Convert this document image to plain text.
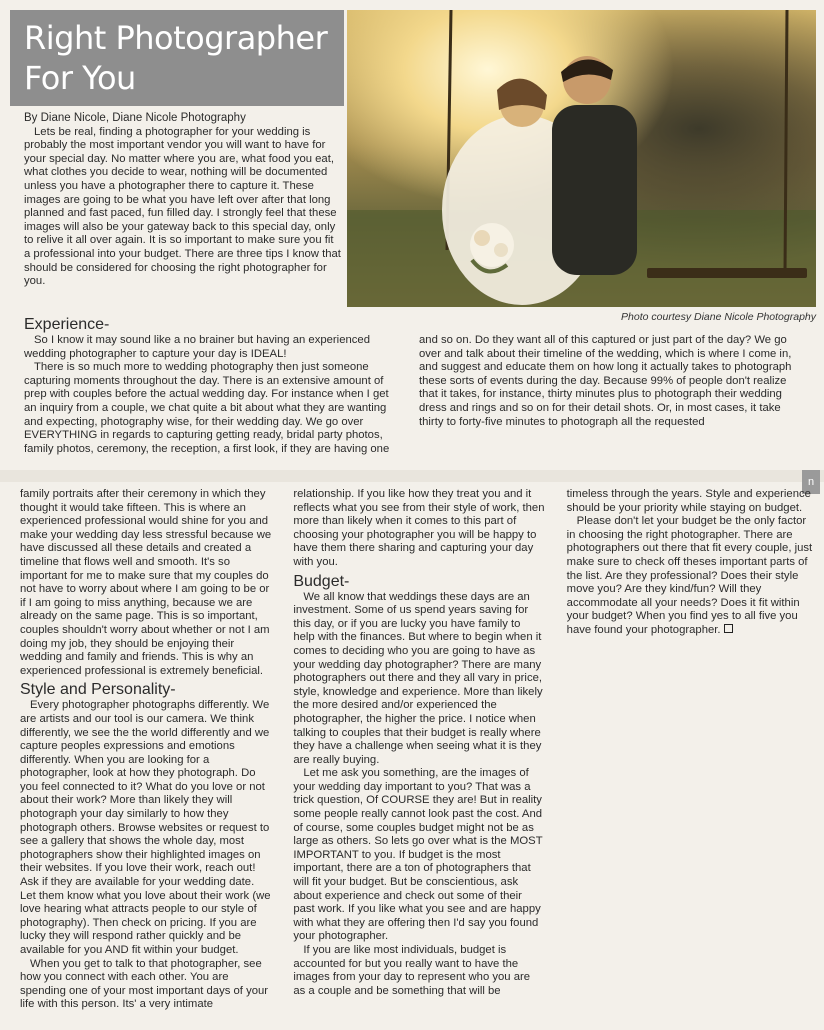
Right Photographer For You
Photo courtesy Diane Nicole Photography

By Diane Nicole, Diane Nicole Photography

Lets be real, finding a photographer for your wedding is probably the most important vendor you will want to have for your special day. No matter where you are, what food you eat, what clothes you decide to wear, nothing will be documented unless you have a photographer there to capture it. These images are going to be what you have left over after that long planned and fast paced, fun filled day. I strongly feel that these images will also be your gateway back to this special day, only to relive it all over again. It is so important to make sure you fit a professional into your budget. There are three tips I know that should be considered for choosing the right photographer for you.

Experience-

So I know it may sound like a no brainer but having an experienced wedding photographer to capture your day is IDEAL!

There is so much more to wedding photography then just someone capturing moments throughout the day. There is an extensive amount of prep with couples before the actual wedding day. For instance when I get an inquiry from a couple, we chat quite a bit about what they are wanting and expecting, photography wise, for their wedding day. We go over EVERYTHING in regards to capturing getting ready, bridal party photos, family photos, ceremony, the reception, a first look, if they are having one and so on. Do they want all of this captured or just part of the day? We go over and talk about their timeline of the wedding, which is where I come in, and suggest and educate them on how long it actually takes to photograph these sorts of events during the day. Because 99% of people don't realize that it takes, for instance, thirty minutes plus to photograph their wedding dress and rings and so on for their detail shots. Or, in most cases, it take thirty to forty-five minutes to photograph all the requested

n

family portraits after their ceremony in which they thought it would take fifteen. This is where an experienced professional would shine for you and make your wedding day less stressful because we have discussed all these details and created a timeline that flows well and smooth. It's so important for me to make sure that my couples do not have to worry about where I am going to be or if I am going to miss anything, because we are already on the same page. This is so important, couples shouldn't worry about whether or not I am doing my job, they should be enjoying their wedding and family and friends. This is why an experienced professional is extremely beneficial.

Style and Personality-

Every photographer photographs differently. We are artists and our tool is our camera. We think differently, we see the the world differently and we capture peoples expressions and emotions differently. When you are looking for a photographer, look at how they photograph. Do you feel connected to it? What do you love or not about their work? More than likely they will photograph your day similarly to how they photograph others. Browse websites or request to see a gallery that shows the whole day, most photographers show their highlighted images on their websites. If you love their work, reach out! Ask if they are available for your wedding date. Let them know what you love about their work (we love hearing what attracts people to our style of photography). Then check on pricing. If you are lucky they will respond rather quickly and be available for you AND fit within your budget.

When you get to talk to that photographer, see how you connect with each other. You are spending one of your most important days of your life with this person. Its' a very intimate relationship. If you like how they treat you and it reflects what you see from their style of work, then more than likely when it comes to this part of choosing your photographer you will be happy to have them there sharing and capturing your day with you.

Budget-

We all know that weddings these days are an investment. Some of us spend years saving for this day, or if you are lucky you have family to help with the finances. But where to begin when it comes to deciding who you are going to have as your wedding day photographer? There are many photographers out there and they all vary in price, style, knowledge and experience. More than likely the more desired and/or experienced the photographer, the higher the price. I notice when talking to couples that their budget is really where they have a challenge when seeing what it is they are really buying.

Let me ask you something, are the images of your wedding day important to you? That was a trick question, Of COURSE they are! But in reality some people really cannot look past the cost. And of course, some couples budget might not be as large as others. So lets go over what is the MOST IMPORTANT to you. If budget is the most important, there are a ton of photographers that will fit your budget. But be conscientious, ask about experience and check out some of their past work. If you like what you see and are happy with what they are offering then I'd say you found your photographer.

If you are like most individuals, budget is accounted for but you really want to have the images from your day to represent who you are as a couple and be something that will be timeless through the years. Style and experience should be your priority while staying on budget.

Please don't let your budget be the only factor in choosing the right photographer. There are photographers out there that fit every couple, just make sure to check off theses important parts of the list. Are they professional? Does their style move you? Are they kind/fun? Will they accommodate all your needs? Does it fit within your budget? When you find yes to all five you have found your photographer.
